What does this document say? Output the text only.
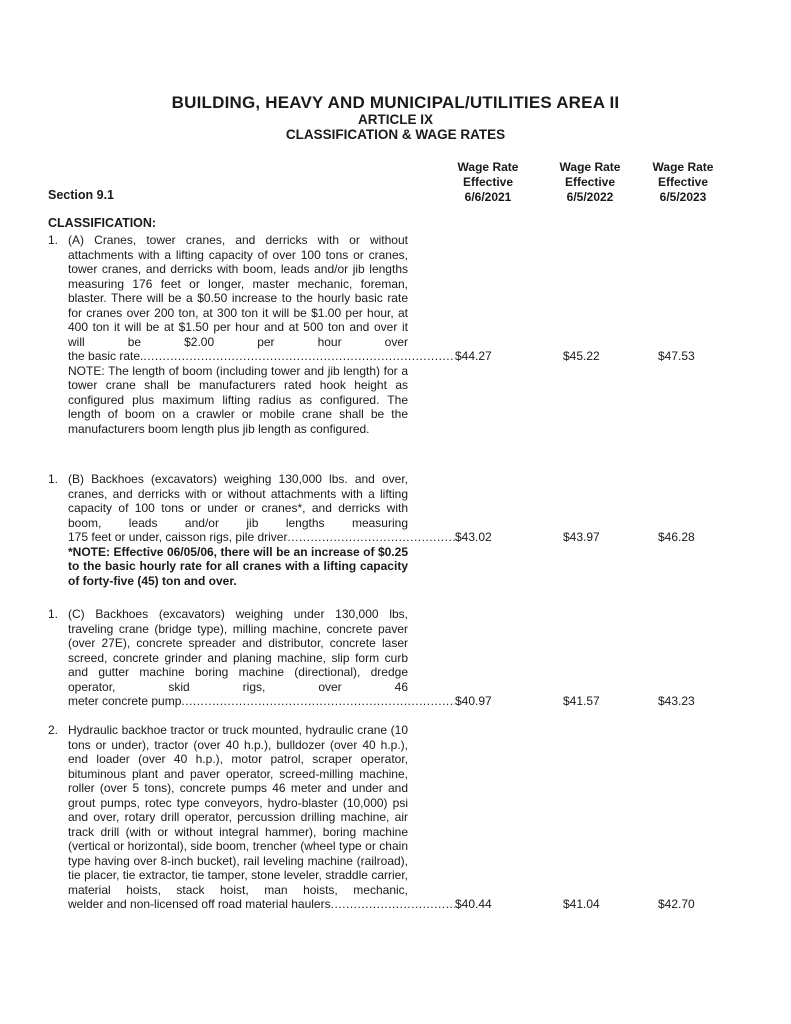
BUILDING, HEAVY AND MUNICIPAL/UTILITIES AREA II
ARTICLE IX
CLASSIFICATION & WAGE RATES
Wage Rate
Effective
6/6/2021
Wage Rate
Effective
6/5/2022
Wage Rate
Effective
6/5/2023
Section 9.1
CLASSIFICATION:
1. (A) Cranes, tower cranes, and derricks with or without attachments with a lifting capacity of over 100 tons or cranes, tower cranes, and derricks with boom, leads and/or jib lengths measuring 176 feet or longer, master mechanic, foreman, blaster. There will be a $0.50 increase to the hourly basic rate for cranes over 200 ton, at 300 ton it will be $1.00 per hour, at 400 ton it will be at $1.50 per hour and at 500 ton and over it will be $2.00 per hour over

the basic rate. .....	$44.27	$45.22	$47.53

NOTE: The length of boom (including tower and jib length) for a tower crane shall be manufacturers rated hook height as configured plus maximum lifting radius as configured. The length of boom on a crawler or mobile crane shall be the manufacturers boom length plus jib length as configured.

1. (B) Backhoes (excavators) weighing 130,000 lbs. and over, cranes, and derricks with or without attachments with a lifting capacity of 100 tons or under or cranes*, and derricks with boom, leads and/or jib lengths measuring

175 feet or under, caisson rigs, pile driver .....	$43.02	$43.97	$46.28

*NOTE: Effective 06/05/06, there will be an increase of $0.25 to the basic hourly rate for all cranes with a lifting capacity of forty-five (45) ton and over.

1. (C) Backhoes (excavators) weighing under 130,000 lbs, traveling crane (bridge type), milling machine, concrete paver (over 27E), concrete spreader and distributor, concrete laser screed, concrete grinder and planing machine, slip form curb and gutter machine boring machine (directional), dredge operator, skid rigs, over 46

meter concrete pump .....	$40.97	$41.57	$43.23
2. Hydraulic backhoe tractor or truck mounted, hydraulic crane (10 tons or under), tractor (over 40 h.p.), bulldozer (over 40 h.p.), end loader (over 40 h.p.), motor patrol, scraper operator, bituminous plant and paver operator, screed-milling machine, roller (over 5 tons), concrete pumps 46 meter and under and grout pumps, rotec type conveyors, hydro-blaster (10,000) psi and over, rotary drill operator, percussion drilling machine, air track drill (with or without integral hammer), boring machine (vertical or horizontal), side boom, trencher (wheel type or chain type having over 8-inch bucket), rail leveling machine (railroad), tie placer, tie extractor, tie tamper, stone leveler, straddle carrier, material hoists, stack hoist, man hoists, mechanic,

welder and non-licensed off road material haulers .....	$40.44	$41.04	$42.70
